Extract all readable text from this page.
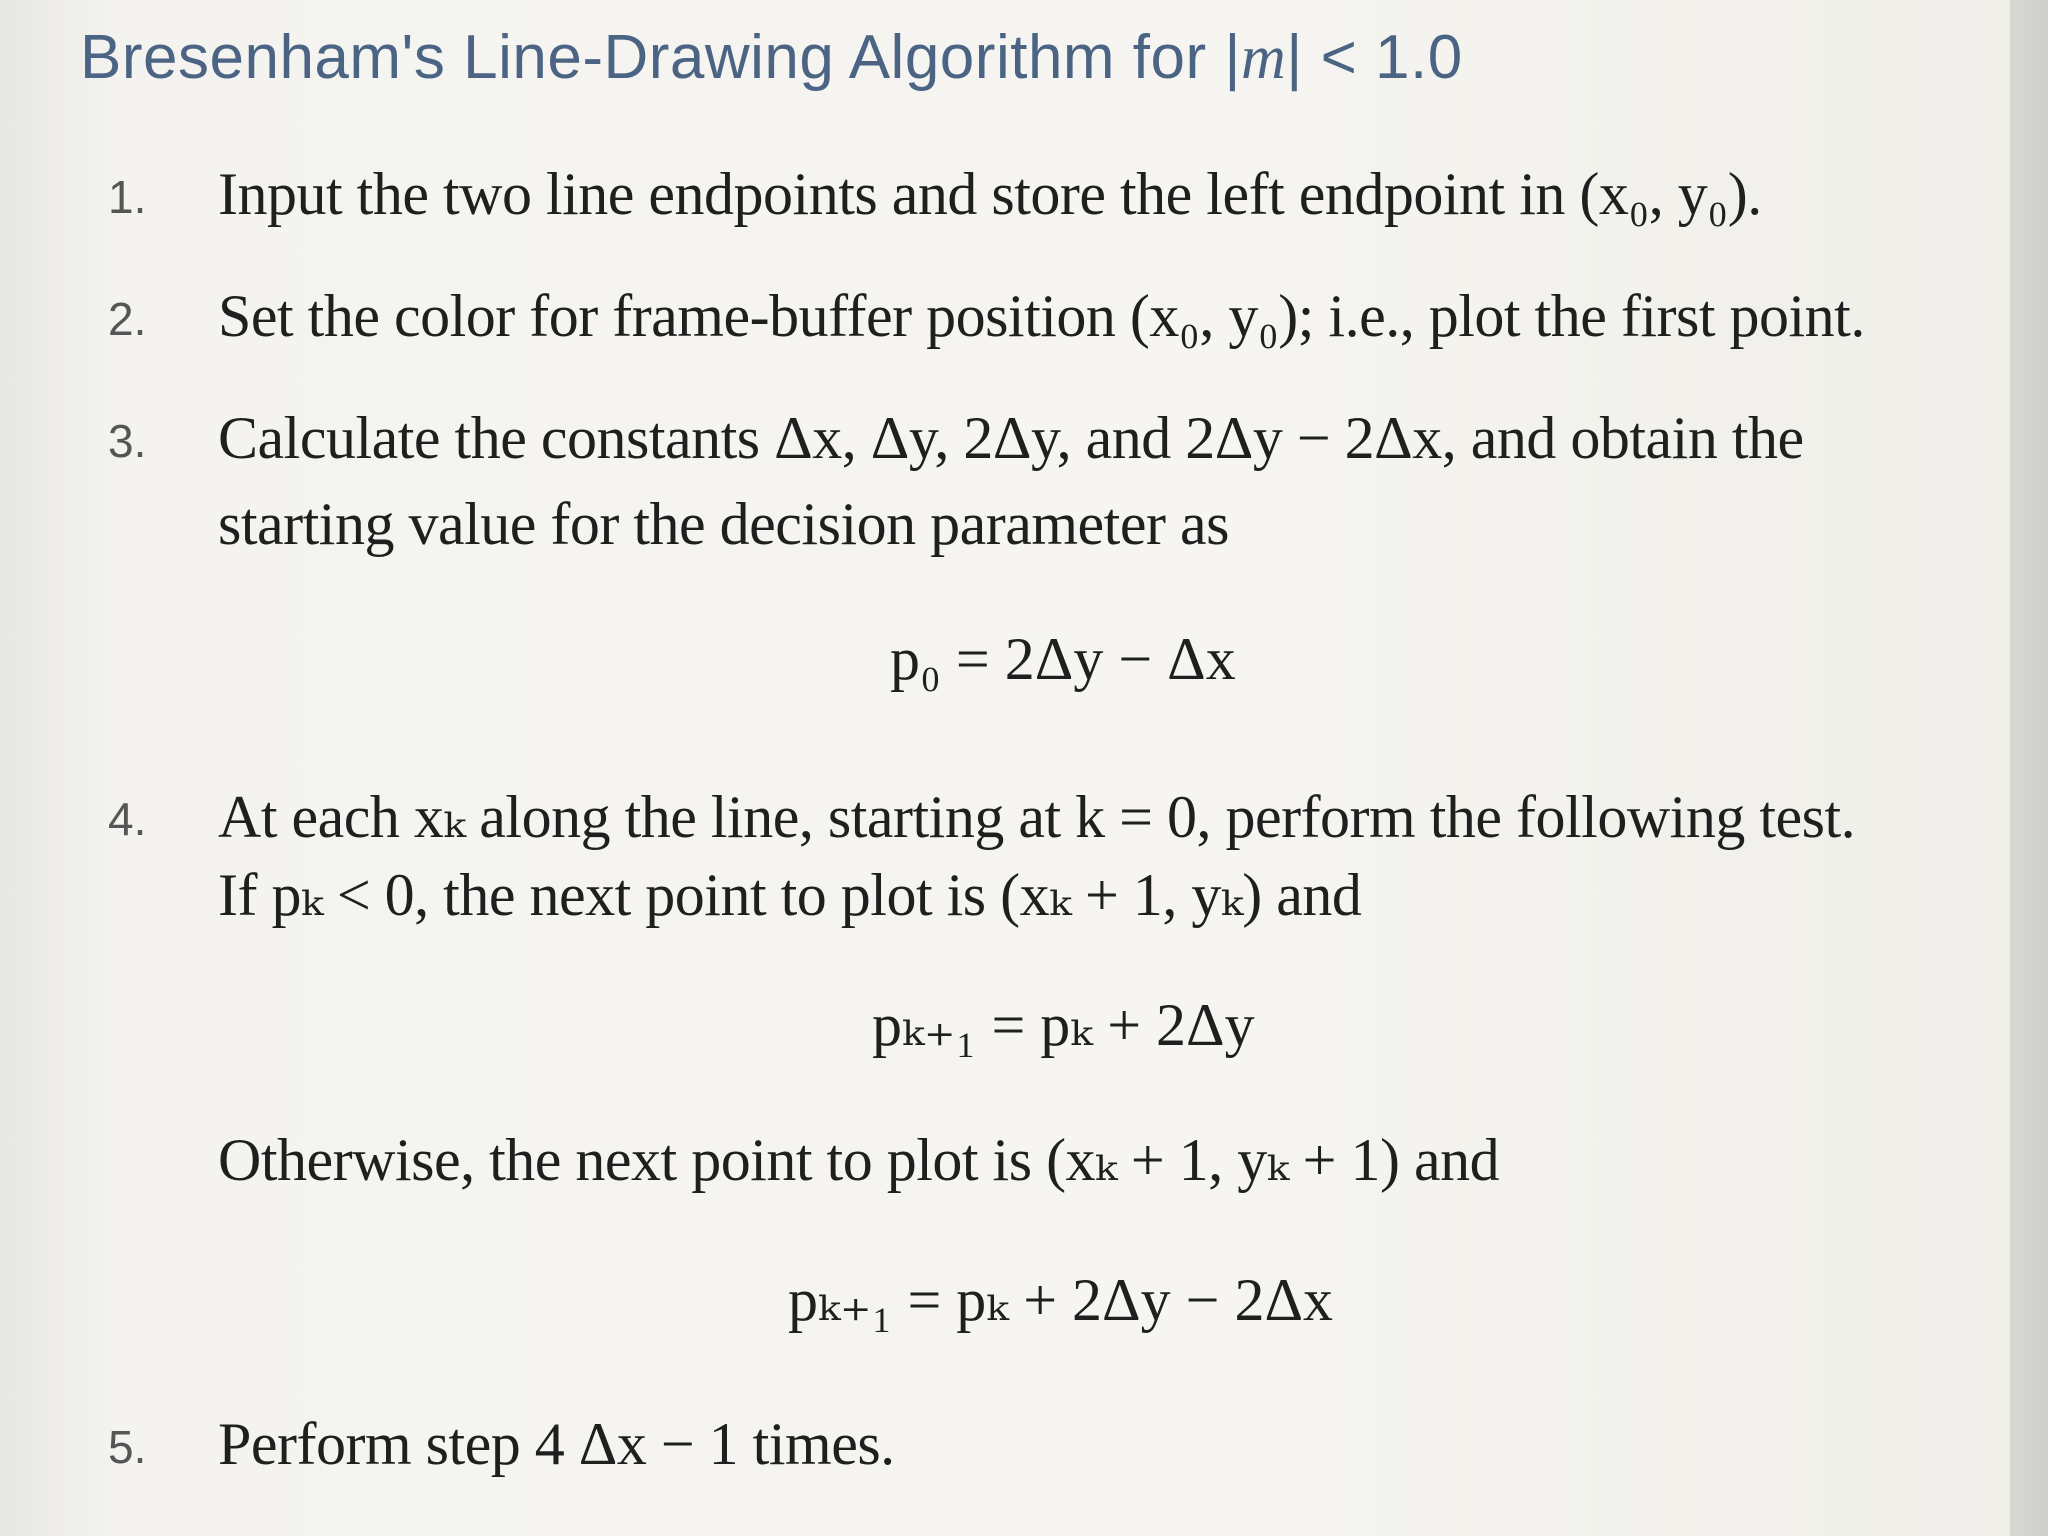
Bresenham's Line-Drawing Algorithm for |m| < 1.0
1. Input the two line endpoints and store the left endpoint in (x₀, y₀).
2. Set the color for frame-buffer position (x₀, y₀); i.e., plot the first point.
3. Calculate the constants Δx, Δy, 2Δy, and 2Δy − 2Δx, and obtain the
starting value for the decision parameter as
p₀ = 2Δy − Δx
4. At each xₖ along the line, starting at k = 0, perform the following test.
If pₖ < 0, the next point to plot is (xₖ + 1, yₖ) and
pₖ₊₁ = pₖ + 2Δy
Otherwise, the next point to plot is (xₖ + 1, yₖ + 1) and
pₖ₊₁ = pₖ + 2Δy − 2Δx
5. Perform step 4 Δx − 1 times.
